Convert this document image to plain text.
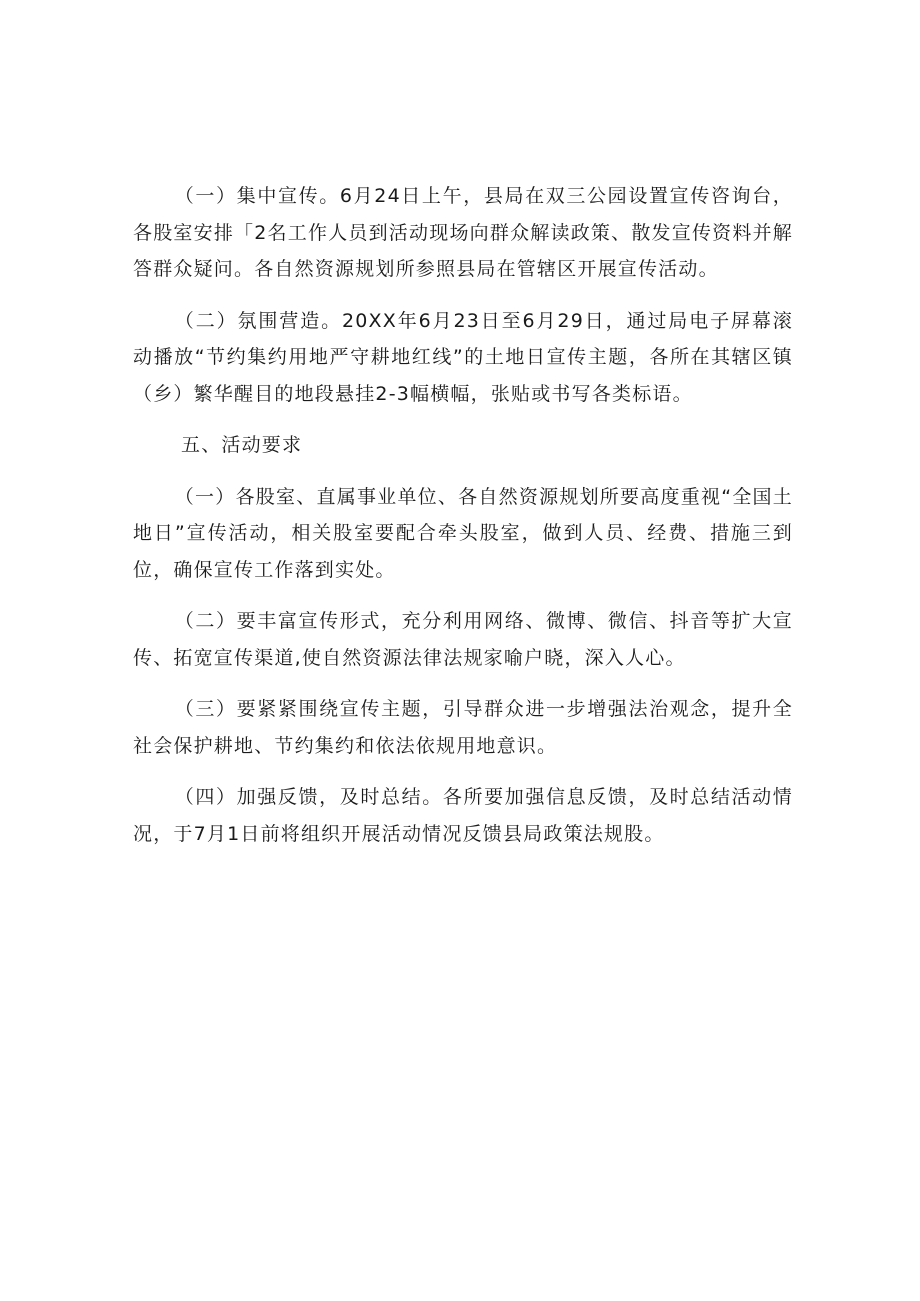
（一）集中宣传。6月24日上午，县局在双三公园设置宣传咨询台，各股室安排「2名工作人员到活动现场向群众解读政策、散发宣传资料并解答群众疑问。各自然资源规划所参照县局在管辖区开展宣传活动。

（二）氛围营造。20XX年6月23日至6月29日，通过局电子屏幕滚动播放“节约集约用地严守耕地红线”的土地日宣传主题，各所在其辖区镇（乡）繁华醒目的地段悬挂2-3幅横幅，张贴或书写各类标语。

五、活动要求

（一）各股室、直属事业单位、各自然资源规划所要高度重视“全国土地日”宣传活动，相关股室要配合牵头股室，做到人员、经费、措施三到位，确保宣传工作落到实处。

（二）要丰富宣传形式，充分利用网络、微博、微信、抖音等扩大宣传、拓宽宣传渠道,使自然资源法律法规家喻户晓，深入人心。

（三）要紧紧围绕宣传主题，引导群众进一步增强法治观念，提升全社会保护耕地、节约集约和依法依规用地意识。

（四）加强反馈，及时总结。各所要加强信息反馈，及时总结活动情况，于7月1日前将组织开展活动情况反馈县局政策法规股。
